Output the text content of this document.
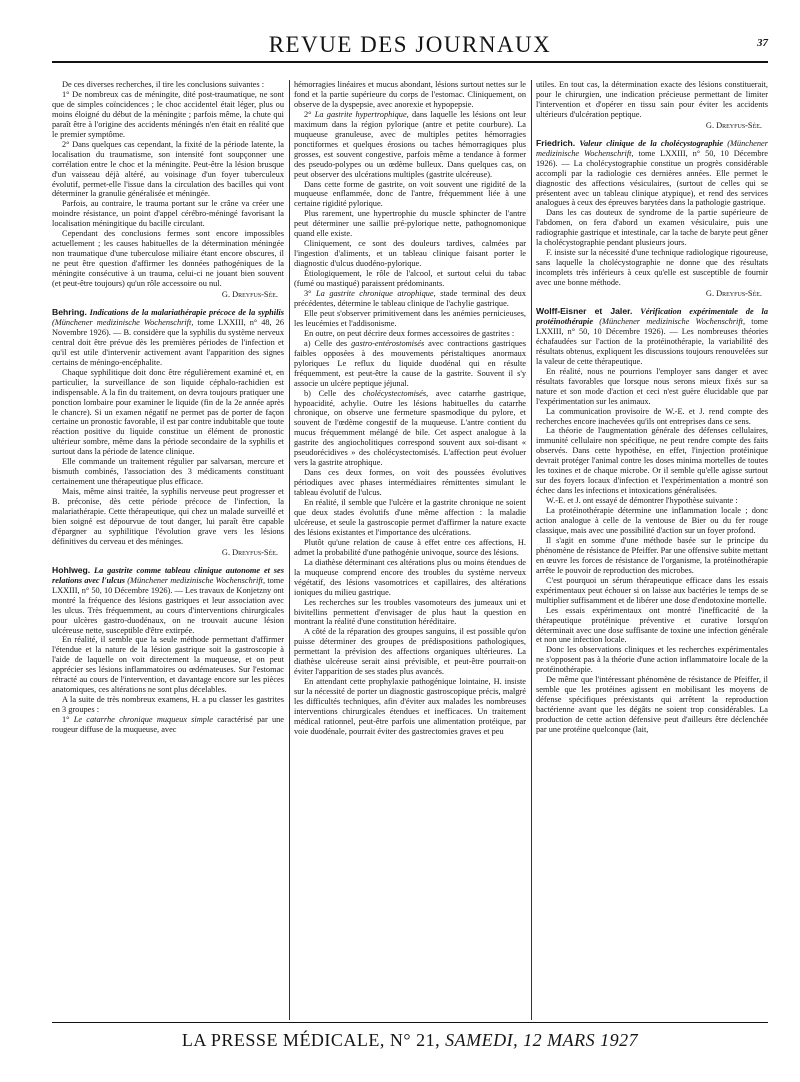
REVUE DES JOURNAUX	37

De ces diverses recherches, il tire les conclusions suivantes :

1° De nombreux cas de méningite, dité post-traumatique, ne sont que de simples coïncidences ; le choc accidentel était léger, plus ou moins éloigné du début de la méningite ; parfois même, la chute qui paraît être à l'origine des accidents méningés n'en était en réalité que le premier symptôme.

2° Dans quelques cas cependant, la fixité de la période latente, la localisation du traumatisme, son intensité font soupçonner une corrélation entre le choc et la méningite. Peut-être la lésion brusque d'un vaisseau déjà altéré, au voisinage d'un foyer tuberculeux évolutif, permet-elle l'issue dans la circulation des bacilles qui vont déterminer la granulie généralisée et méningée.

Parfois, au contraire, le trauma portant sur le crâne va créer une moindre résistance, un point d'appel cérébro-méningé favorisant la localisation méningitique du bacille circulant.

Cependant des conclusions fermes sont encore impossibles actuellement ; les causes habituelles de la détermination méningée non traumatique d'une tuberculose miliaire étant encore obscures, il ne peut être question d'affirmer les données pathogéniques de la méningite consécutive à un trauma, celui-ci ne jouant bien souvent (et peut-être toujours) qu'un rôle accessoire ou nul.

G. Dreyfus-Sée.

Behring. Indications de la malariathérapie précoce de la syphilis (Münchener medizinische Wochenschrift, tome LXXIII, n° 48, 26 Novembre 1926). — B. considère que la syphilis du système nerveux central doit être prévue dès les premières périodes de l'infection et qu'il est utile d'intervenir activement avant l'apparition des signes certains de méningo-encéphalite.

Chaque syphilitique doit donc être régulièrement examiné et, en particulier, la surveillance de son liquide céphalo-rachidien est indispensable. A la fin du traitement, on devra toujours pratiquer une ponction lombaire pour examiner le liquide (fin de la 2e année après le chancre). Si un examen négatif ne permet pas de porter de façon certaine un pronostic favorable, il est par contre indubitable que toute réaction positive du liquide constitue un élément de pronostic ultérieur sombre, même dans la période secondaire de la syphilis et surtout dans la période de latence clinique.

Elle commande un traitement régulier par salvarsan, mercure et bismuth combinés, l'association des 3 médicaments constituant certainement une thérapeutique plus efficace.

Mais, même ainsi traitée, la syphilis nerveuse peut progresser et B. préconise, dès cette période précoce de l'infection, la malariathérapie. Cette thérapeutique, qui chez un malade surveillé et bien soigné est dépourvue de tout danger, lui paraît être capable d'épargner au syphilitique l'évolution grave vers les lésions définitives du cerveau et des méninges.

G. Dreyfus-Sée.

Hohlweg. La gastrite comme tableau clinique autonome et ses relations avec l'ulcus (Münchener medizinische Wochenschrift, tome LXXIII, n° 50, 10 Décembre 1926). — Les travaux de Konjetzny ont montré la fréquence des lésions gastriques et leur association avec les ulcus. Très fréquemment, au cours d'interventions chirurgicales pour ulcères gastro-duodénaux, on ne trouvait aucune lésion ulcéreuse nette, susceptible d'être extirpée.

En réalité, il semble que la seule méthode permettant d'affirmer l'étendue et la nature de la lésion gastrique soit la gastroscopie à l'aide de laquelle on voit directement la muqueuse, et on peut apprécier ses lésions inflammatoires ou œdémateuses. Sur l'estomac rétracté au cours de l'intervention, et davantage encore sur les pièces anatomiques, ces altérations ne sont plus décelables.

A la suite de très nombreux examens, H. a pu classer les gastrites en 3 groupes :

1° Le catarrhe chronique muqueux simple caractérisé par une rougeur diffuse de la muqueuse, avec

hémorragies linéaires et mucus abondant, lésions surtout nettes sur le fond et la partie supérieure du corps de l'estomac. Cliniquement, on observe de la dyspepsie, avec anorexie et hypopepsie.

2° La gastrite hypertrophique, dans laquelle les lésions ont leur maximum dans la région pylorique (antre et petite courbure). La muqueuse granuleuse, avec de multiples petites hémorragies ponctiformes et quelques érosions ou taches hémorragiques plus grosses, est souvent congestive, parfois même a tendance à former des pseudo-polypes ou un œdème bulleux. Dans quelques cas, on peut observer des ulcérations multiples (gastrite ulcéreuse).

Dans cette forme de gastrite, on voit souvent une rigidité de la muqueuse enflammée, donc de l'antre, fréquemment liée à une certaine rigidité pylorique.

Plus rarement, une hypertrophie du muscle sphincter de l'antre peut déterminer une saillie pré-pylorique nette, pathognomonique quand elle existe.

Cliniquement, ce sont des douleurs tardives, calmées par l'ingestion d'aliments, et un tableau clinique faisant porter le diagnostic d'ulcus duodéno-pylorique.

Étiologiquement, le rôle de l'alcool, et surtout celui du tabac (fumé ou mastiqué) paraissent prédominants.

3° La gastrite chronique atrophique, stade terminal des deux précédentes, détermine le tableau clinique de l'achylie gastrique.

Elle peut s'observer primitivement dans les anémies pernicieuses, les leucémies et l'addisonisme.

En outre, on peut décrire deux formes accessoires de gastrites :

a) Celle des gastro-entérostomisés avec contractions gastriques faibles opposées à des mouvements péristaltiques anormaux pyloriques Le reflux du liquide duodénal qui en résulte fréquemment, est peut-être la cause de la gastrite. Souvent il s'y associe un ulcère peptique jéjunal.

b) Celle des cholécystectomisés, avec catarrhe gastrique, hypoacidité, achylie. Outre les lésions habituelles du catarrhe chronique, on observe une fermeture spasmodique du pylore, et souvent de l'œdème congestif de la muqueuse. L'antre contient du mucus fréquemment mélangé de bile. Cet aspect analogue à la gastrite des angiocholitiques correspond souvent aux soi-disant « pseudorécidives » des cholécystectomisés. L'affection peut évoluer vers la gastrite atrophique.

Dans ces deux formes, on voit des poussées évolutives périodiques avec phases intermédiaires rémittentes simulant le tableau évolutif de l'ulcus.

En réalité, il semble que l'ulcère et la gastrite chronique ne soient que deux stades évolutifs d'une même affection : la maladie ulcéreuse, et seule la gastroscopie permet d'affirmer la nature exacte des lésions existantes et l'importance des ulcérations.

Plutôt qu'une relation de cause à effet entre ces affections, H. admet la probabilité d'une pathogénie univoque, source des lésions.

La diathèse déterminant ces altérations plus ou moins étendues de la muqueuse comprend encore des troubles du système nerveux végétatif, des lésions vasomotrices et capillaires, des altérations ioniques du milieu gastrique.

Les recherches sur les troubles vasomoteurs des jumeaux uni et bivitellins permettent d'envisager de plus haut la question en montrant la réalité d'une constitution héréditaire.

A côté de la réparation des groupes sanguins, il est possible qu'on puisse déterminer des groupes de prédispositions pathologiques, permettant la prévision des affections organiques ultérieures. La diathèse ulcéreuse serait ainsi prévisible, et peut-être pourrait-on éviter l'apparition de ses stades plus avancés.

En attendant cette prophylaxie pathogénique lointaine, H. insiste sur la nécessité de porter un diagnostic gastroscopique précis, malgré les difficultés techniques, afin d'éviter aux malades les nombreuses interventions chirurgicales étendues et inefficaces. Un traitement médical rationnel, peut-être parfois une alimentation protéique, par voie duodénale, pourrait éviter des gastrectomies graves et peu

utiles. En tout cas, la détermination exacte des lésions constituerait, pour le chirurgien, une indication précieuse permettant de limiter l'intervention et d'opérer en tissu sain pour éviter les accidents ultérieurs d'ulcération peptique.

G. Dreyfus-Sée.

Friedrich. Valeur clinique de la cholécystographie (Münchener medizinische Wochenschrift, tome LXXIII, n° 50, 10 Décembre 1926). — La cholécystographie constitue un progrès considérable accompli par la radiologie ces dernières années. Elle permet le diagnostic des affections vésiculaires, (surtout de celles qui se présentent avec un tableau clinique atypique), et rend des services analogues à ceux des épreuves barytées dans la pathologie gastrique.

Dans les cas douteux de syndrome de la partie supérieure de l'abdomen, on fera d'abord un examen vésiculaire, puis une radiographie gastrique et intestinale, car la tache de baryte peut gêner la cholécystographie pendant plusieurs jours.

F. insiste sur la nécessité d'une technique radiologique rigoureuse, sans laquelle la cholécystographie ne donne que des résultats incomplets très inférieurs à ceux qu'elle est susceptible de fournir avec une bonne méthode.

G. Dreyfus-Sée.

Wolff-Eisner et Jaler. Vérification expérimentale de la protéinothérapie (Münchener medizinische Wochenschrift, tome LXXIII, n° 50, 10 Décembre 1926). — Les nombreuses théories échafaudées sur l'action de la protéinothérapie, la variabilité des résultats obtenus, expliquent les discussions toujours renouvelées sur la valeur de cette thérapeutique.

En réalité, nous ne pourrions l'employer sans danger et avec résultats favorables que lorsque nous serons mieux fixés sur sa nature et son mode d'action et ceci n'est guère élucidable que par l'expérimentation sur les animaux.

La communication provisoire de W.-E. et J. rend compte des recherches encore inachevées qu'ils ont entreprises dans ce sens.

La théorie de l'augmentation générale des défenses cellulaires, immunité cellulaire non spécifique, ne peut rendre compte des faits observés. Dans cette hypothèse, en effet, l'injection protéinique devrait protéger l'animal contre les doses minima mortelles de toutes les toxines et de chaque microbe. Or il semble qu'elle agisse surtout sur des foyers locaux d'infection et l'expérimentation a montré son échec dans les infections et intoxications généralisées.

W.-E. et J. ont essayé de démontrer l'hypothèse suivante :

La protéinothérapie détermine une inflammation locale ; donc action analogue à celle de la ventouse de Bier ou du fer rouge classique, mais avec une possibilité d'action sur un foyer profond.

Il s'agit en somme d'une méthode basée sur le principe du phénomène de résistance de Pfeiffer. Par une offensive subite mettant en œuvre les forces de résistance de l'organisme, la protéinothérapie arrête le pouvoir de reproduction des microbes.

C'est pourquoi un sérum thérapeutique efficace dans les essais expérimentaux peut échouer si on laisse aux bactéries le temps de se multiplier suffisamment et de libérer une dose d'endotoxine mortelle.

Les essais expérimentaux ont montré l'inefficacité de la thérapeutique protéinique préventive et curative lorsqu'on déterminait avec une dose suffisante de toxine une infection générale et non une infection locale.

Donc les observations cliniques et les recherches expérimentales ne s'opposent pas à la théorie d'une action inflammatoire locale de la protéinothérapie.

De même que l'intéressant phénomène de résistance de Pfeiffer, il semble que les protéines agissent en mobilisant les moyens de défense spécifiques préexistants qui arrêtent la reproduction bactérienne avant que les dégâts ne soient trop considérables. La production de cette action défensive peut d'ailleurs être déclenchée par une protéine quelconque (lait,

LA PRESSE MÉDICALE, N° 21, SAMEDI, 12 MARS 1927
